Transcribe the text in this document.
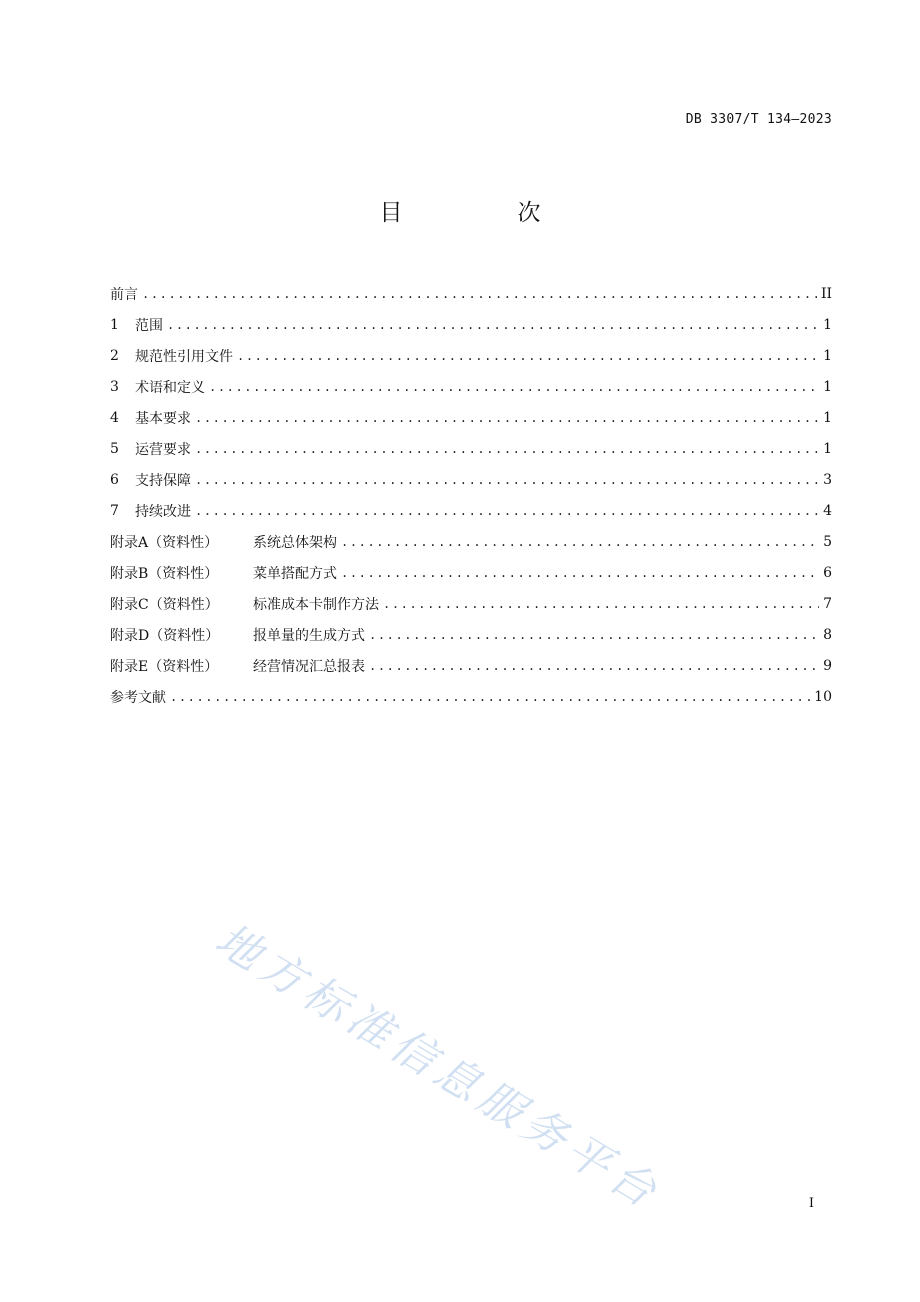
DB 3307/T 134—2023
目　次
前言 .....	II
1	范围 .....	1
2	规范性引用文件 .....	1
3	术语和定义 .....	1
4	基本要求 .....	1
5	运营要求 .....	1
6	支持保障 .....	3
7	持续改进 .....	4
附录A（资料性）	系统总体架构 .....	5
附录B（资料性）	菜单搭配方式 .....	6
附录C（资料性）	标准成本卡制作方法 .....	7
附录D（资料性）	报单量的生成方式 .....	8
附录E（资料性）	经营情况汇总报表 .....	9
参考文献 .....	10
地方标准信息服务平台	I
